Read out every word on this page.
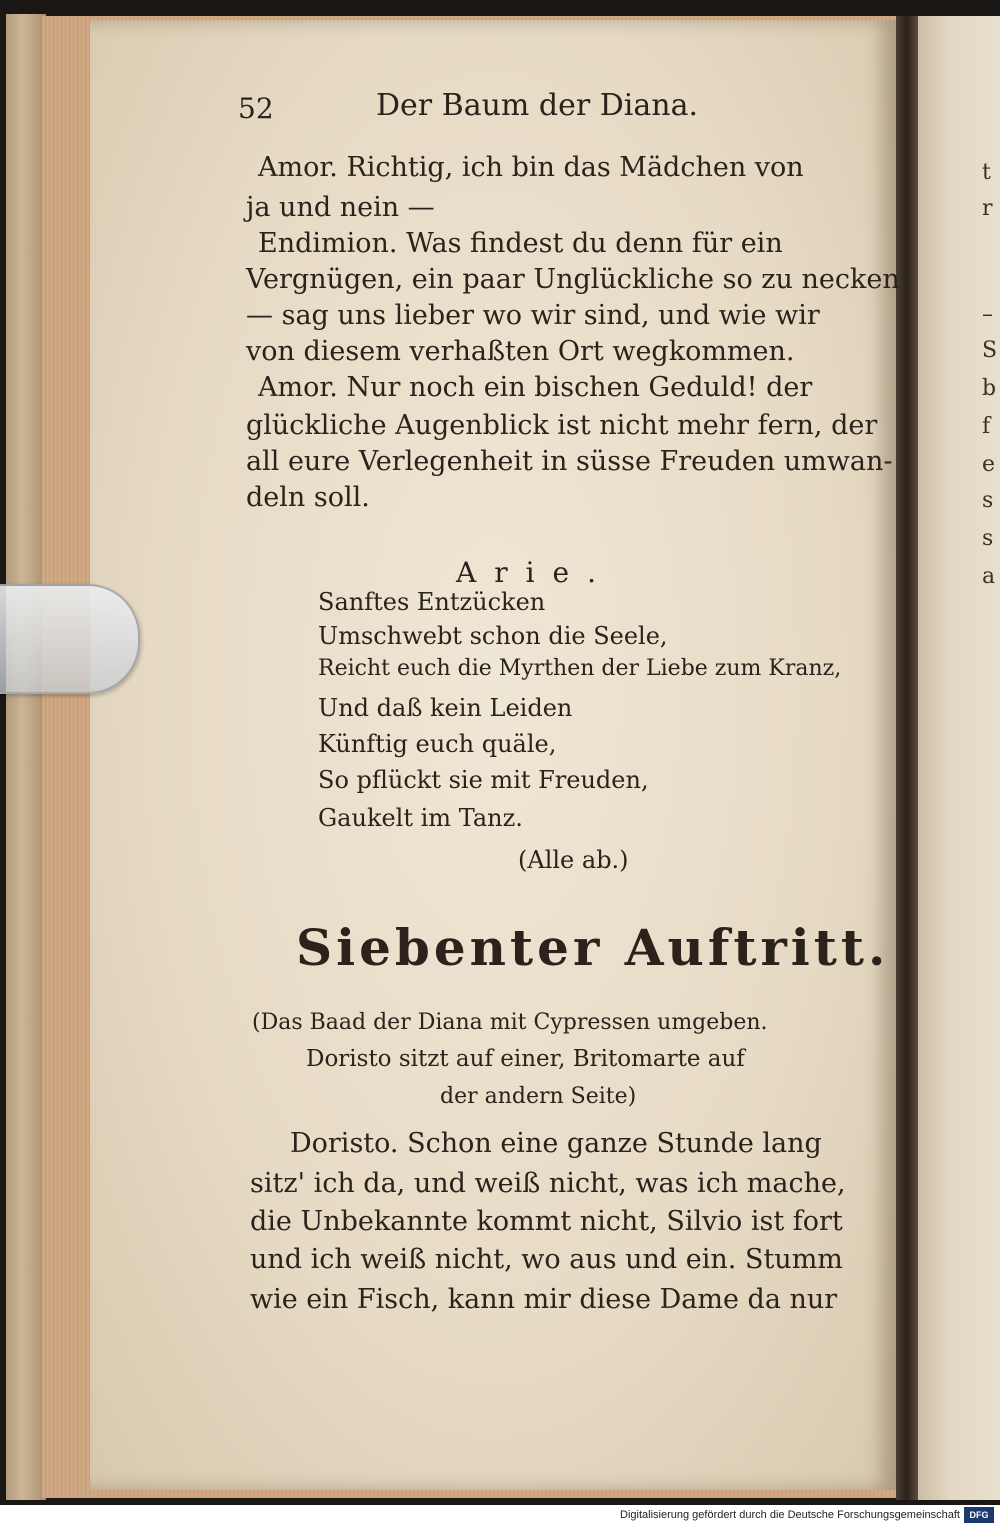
52	Der Baum der Diana.
Amor. Richtig, ich bin das Mädchen von
ja und nein —
Endimion. Was findest du denn für ein
Vergnügen, ein paar Unglückliche so zu necken
— sag uns lieber wo wir sind, und wie wir
von diesem verhaßten Ort wegkommen.
Amor. Nur noch ein bischen Geduld! der
glückliche Augenblick ist nicht mehr fern, der
all eure Verlegenheit in süsse Freuden umwan-
deln soll.
Arie.
Sanftes Entzücken
Umschwebt schon die Seele,
Reicht euch die Myrthen der Liebe zum Kranz,
Und daß kein Leiden
Künftig euch quäle,
So pflückt sie mit Freuden,
Gaukelt im Tanz.
(Alle ab.)
Siebenter Auftritt.
(Das Baad der Diana mit Cypressen umgeben.
Doristo sitzt auf einer, Britomarte auf
der andern Seite)
Doristo. Schon eine ganze Stunde lang
sitz' ich da, und weiß nicht, was ich mache,
die Unbekannte kommt nicht, Silvio ist fort
und ich weiß nicht, wo aus und ein. Stumm
wie ein Fisch, kann mir diese Dame da nur
t
r
–
S
b
f
e
s
s
a
Digitalisierung gefördert durch die Deutsche Forschungsgemeinschaft	DFG
